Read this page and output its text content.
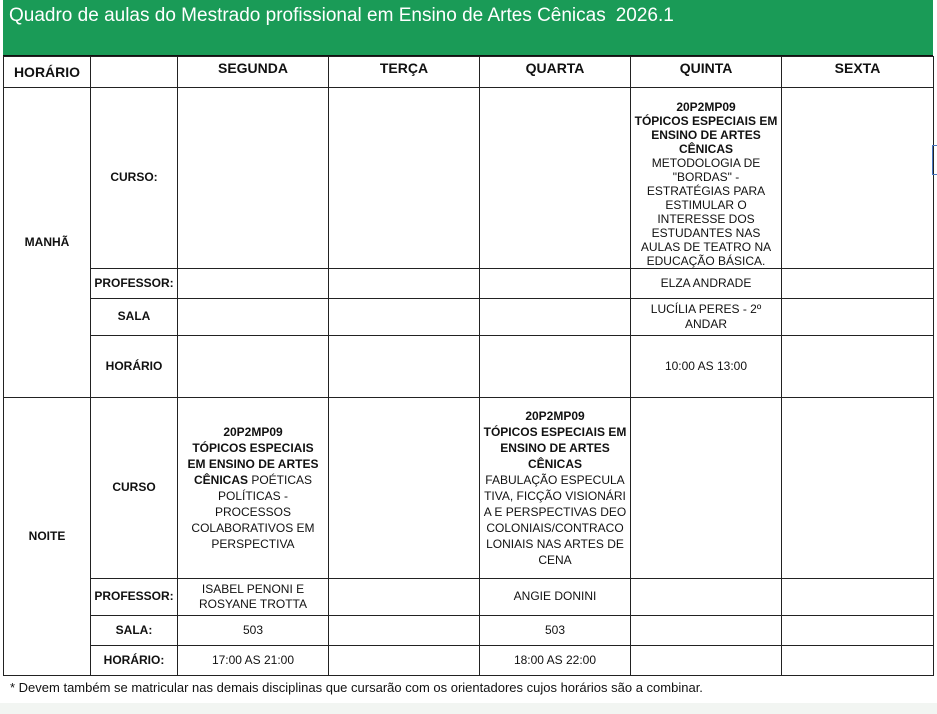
Quadro de aulas do Mestrado profissional em Ensino de Artes Cênicas 2026.1
HORÁRIO		SEGUNDA	TERÇA	QUARTA	QUINTA	SEXTA
MANHÃ	CURSO:				20P2MP09
TÓPICOS ESPECIAIS EM ENSINO DE ARTES CÊNICAS
METODOLOGIA DE "BORDAS" - ESTRATÉGIAS PARA ESTIMULAR O INTERESSE DOS ESTUDANTES NAS AULAS DE TEATRO NA EDUCAÇÃO BÁSICA.	

	PROFESSOR:				ELZA ANDRADE	
	SALA				LUCÍLIA PERES - 2º ANDAR	
	HORÁRIO				10:00 AS 13:00	
NOITE	CURSO	20P2MP09
TÓPICOS ESPECIAIS EM ENSINO DE ARTES CÊNICAS POÉTICAS POLÍTICAS - PROCESSOS COLABORATIVOS EM PERSPECTIVA		20P2MP09
TÓPICOS ESPECIAIS EM ENSINO DE ARTES CÊNICAS
FABULAÇÃO ESPECULATIVA, FICÇÃO VISIONÁRIA E PERSPECTIVAS DEOCOLONIAIS/CONTRACOLONIAIS NAS ARTES DE CENA		

	PROFESSOR:	ISABEL PENONI E ROSYANE TROTTA		ANGIE DONINI		
	SALA:	503		503		
	HORÁRIO:	17:00 AS 21:00		18:00 AS 22:00		
* Devem também se matricular nas demais disciplinas que cursarão com os orientadores cujos horários são a combinar.
